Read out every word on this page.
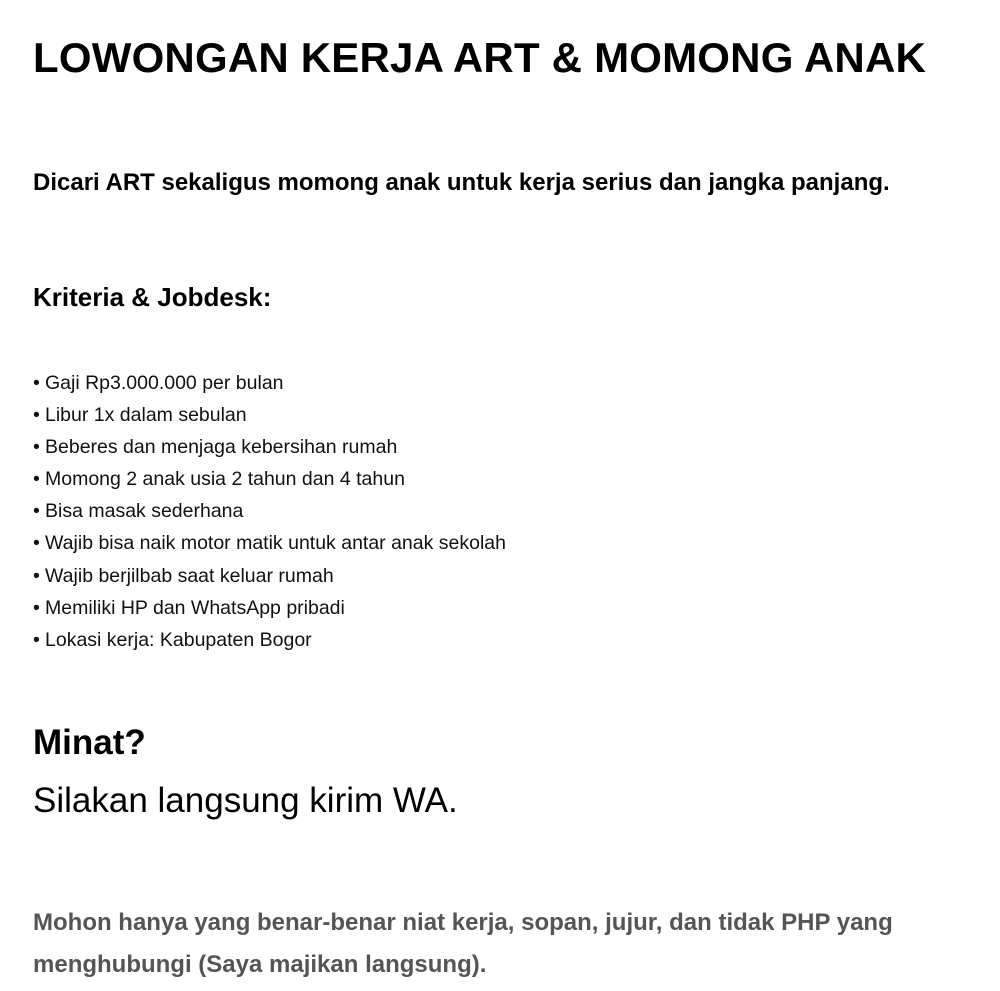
LOWONGAN KERJA ART & MOMONG ANAK

Dicari ART sekaligus momong anak untuk kerja serius dan jangka panjang.

Kriteria & Jobdesk:
• Gaji Rp3.000.000 per bulan
• Libur 1x dalam sebulan
• Beberes dan menjaga kebersihan rumah
• Momong 2 anak usia 2 tahun dan 4 tahun
• Bisa masak sederhana
• Wajib bisa naik motor matik untuk antar anak sekolah
• Wajib berjilbab saat keluar rumah
• Memiliki HP dan WhatsApp pribadi
• Lokasi kerja: Kabupaten Bogor
Minat?

Silakan langsung kirim WA.

Mohon hanya yang benar-benar niat kerja, sopan, jujur, dan tidak PHP yang menghubungi (Saya majikan langsung).
